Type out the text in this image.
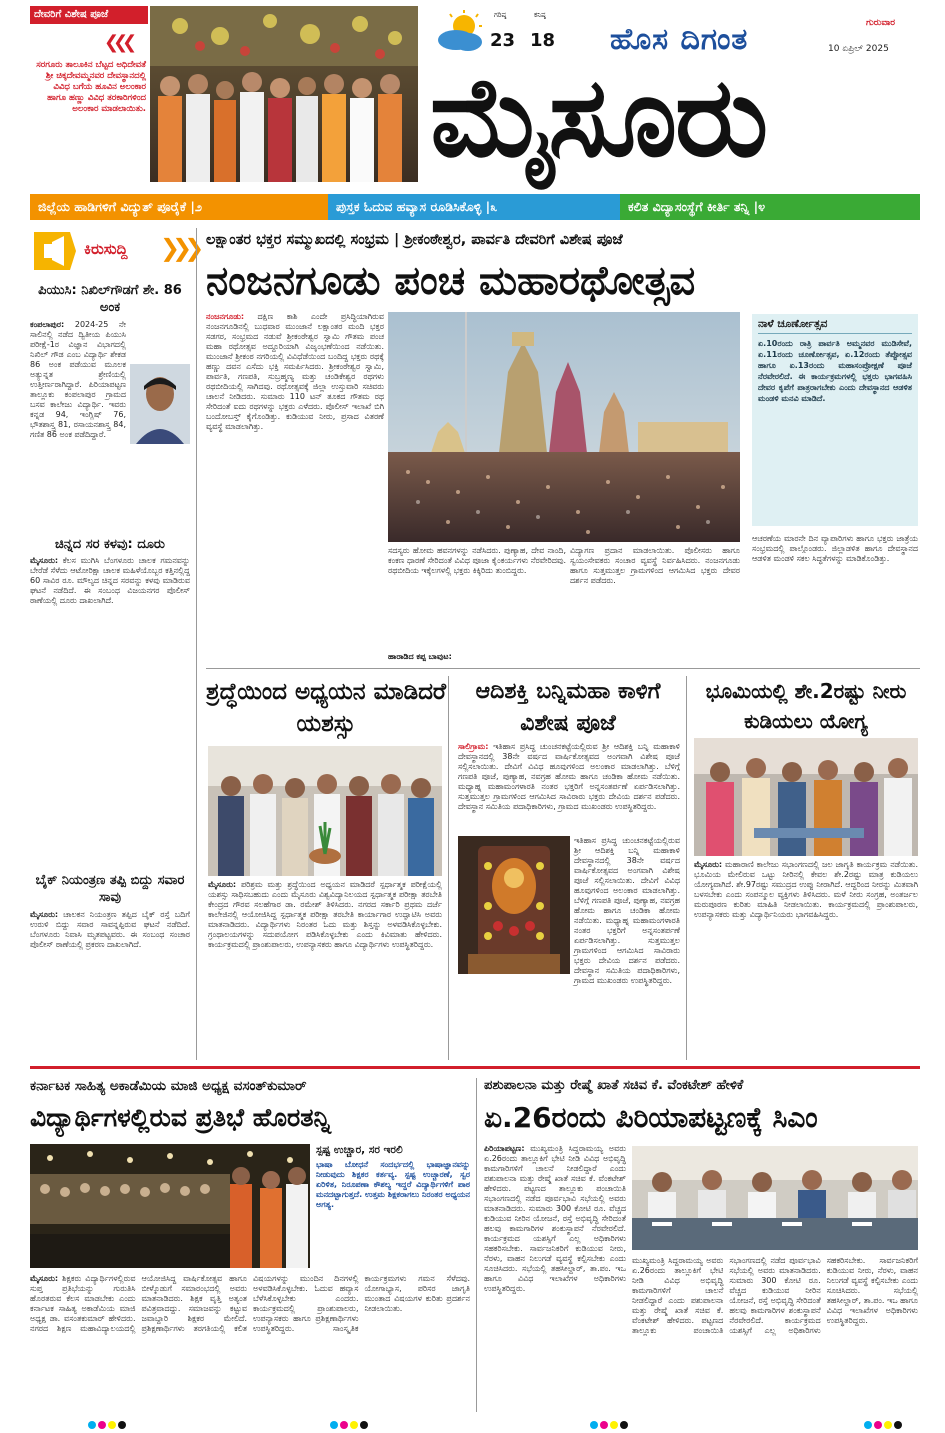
ದೇವರಿಗೆ ವಿಶೇಷ ಪೂಜೆ
❮❮❮
ಸರಗೂರು ತಾಲೂಕಿನ ಬೆಟ್ಟದ ಅಧಿದೇವತೆ ಶ್ರೀ ಚಿಕ್ಕದೇವಮ್ಮನವರ ದೇವಸ್ಥಾನದಲ್ಲಿ ವಿವಿಧ ಬಗೆಯ ಹೂವಿನ ಅಲಂಕಾರ ಹಾಗೂ ಹಣ್ಣು ವಿವಿಧ ತರಕಾರಿಗಳಿಂದ ಅಲಂಕಾರ ಮಾಡಲಾಯಿತು.
ಗರಿಷ್ಠ
23
ಕನಿಷ್ಠ
18 ಹೊಸ ದಿಗಂತ	ಗುರುವಾರ
10 ಏಪ್ರಿಲ್ 2025
ಮೈಸೂರು
ಜಿಲ್ಲೆಯ ಹಾಡಿಗಳಿಗೆ ವಿದ್ಯುತ್ ಪೂರೈಕೆ |೨	ಪುಸ್ತಕ ಓದುವ ಹವ್ಯಾಸ ರೂಡಿಸಿಕೊಳ್ಳಿ |೩	ಕಲಿತ ವಿದ್ಯಾಸಂಸ್ಥೆಗೆ ಕೀರ್ತಿ ತನ್ನಿ |೪
ಕಿರುಸುದ್ದಿ ❯❯❯
ಪಿಯುಸಿ: ನಿಖಿಲ್‌ಗೌಡಗೆ ಶೇ. 86 ಅಂಕ
ಕಂಪಲಾಪುರ: 2024-25 ನೇ ಸಾಲಿನಲ್ಲಿ ನಡೆದ ದ್ವಿತೀಯ ಪಿಯುಸಿ ಪರೀಕ್ಷೆ-1ರ ವಿಜ್ಞಾನ ವಿಭಾಗದಲ್ಲಿ ನಿಖಿಲ್ ಗೌಡ ಎಂಬ ವಿದ್ಯಾರ್ಥಿ ಶೇಕಡ 86 ಅಂಕ ಪಡೆಯುವ ಮೂಲಕ ಅತ್ಯುನ್ನತ ಶ್ರೇಣಿಯಲ್ಲಿ ಉತ್ತೀರ್ಣರಾಗಿದ್ದಾರೆ. ಪಿರಿಯಾಪಟ್ಟಣ ತಾಲ್ಲೂಕು ಕಂಪಲಾಪುರ ಗ್ರಾಮದ ಬಸವ ಕಾಲೇಜು ವಿದ್ಯಾರ್ಥಿ. ಇವರು ಕನ್ನಡ 94, ಇಂಗ್ಲಿಷ್ 76, ಭೌತಶಾಸ್ತ್ರ 81, ರಸಾಯನಶಾಸ್ತ್ರ 84, ಗಣಿತ 86 ಅಂಕ ಪಡೆದಿದ್ದಾರೆ.
ಚಿನ್ನದ ಸರ ಕಳವು: ದೂರು
ಮೈಸೂರು: ಕೆಲಸ ಮುಗಿಸಿ ಬೆಂಗಳೂರು ಚಾಲಕ ಗಮನವನ್ನು ಬೇರೆಡೆ ಸೆಳೆದು ಆಟೋರಿಕ್ಷಾ ಚಾಲಕ ಮಹಿಳೆಯೊಬ್ಬರ ಕತ್ತಿನಲ್ಲಿದ್ದ 60 ಸಾವಿರ ರೂ. ಮೌಲ್ಯದ ಚಿನ್ನದ ಸರವನ್ನು ಕಳವು ಮಾಡಿರುವ ಘಟನೆ ನಡೆದಿದೆ. ಈ ಸಂಬಂಧ ವಿಜಯನಗರ ಪೊಲೀಸ್ ಠಾಣೆಯಲ್ಲಿ ದೂರು ದಾಖಲಾಗಿದೆ.
ಬೈಕ್ ನಿಯಂತ್ರಣ ತಪ್ಪಿ ಬಿದ್ದು ಸವಾರ ಸಾವು
ಮೈಸೂರು: ಚಾಲಕನ ನಿಯಂತ್ರಣ ತಪ್ಪಿದ ಬೈಕ್ ರಸ್ತೆ ಬದಿಗೆ ಉರುಳಿ ಬಿದ್ದು ಸವಾರ ಸಾವನ್ನಪ್ಪಿರುವ ಘಟನೆ ನಡೆದಿದೆ. ಬೆಂಗಳೂರು ನಿವಾಸಿ ಮೃತಪಟ್ಟವರು. ಈ ಸಂಬಂಧ ಸಂಚಾರ ಪೊಲೀಸ್ ಠಾಣೆಯಲ್ಲಿ ಪ್ರಕರಣ ದಾಖಲಾಗಿದೆ.
ಲಕ್ಷಾಂತರ ಭಕ್ತರ ಸಮ್ಮುಖದಲ್ಲಿ ಸಂಭ್ರಮ | ಶ್ರೀಕಂಠೇಶ್ವರ, ಪಾರ್ವತಿ ದೇವರಿಗೆ ವಿಶೇಷ ಪೂಜೆ
ನಂಜನಗೂಡು ಪಂಚ ಮಹಾರಥೋತ್ಸವ
ನಂಜನಗೂಡು: ದಕ್ಷಿಣ ಕಾಶಿ ಎಂದೇ ಪ್ರಸಿದ್ಧಿಯಾಗಿರುವ ನಂಜನಗೂಡಿನಲ್ಲಿ ಬುಧವಾರ ಮುಂಜಾನೆ ಲಕ್ಷಾಂತರ ಮಂದಿ ಭಕ್ತರ ಸಡಗರ, ಸಂಭ್ರಮದ ನಡುವೆ ಶ್ರೀಕಂಠೇಶ್ವರ ಸ್ವಾಮಿ ಗೌತಮ ಪಂಚ ಮಹಾ ರಥೋತ್ಸವ ಅದ್ದೂರಿಯಾಗಿ ವಿಜೃಂಭಣೆಯಿಂದ ನಡೆಯಿತು. ಮುಂಜಾನೆ ಶ್ರೀಕಂಠ ನಗರಿಯಲ್ಲಿ ವಿವಿಧೆಡೆಯಿಂದ ಬಂದಿದ್ದ ಭಕ್ತರು ರಥಕ್ಕೆ ಹಣ್ಣು ದವನ ಎಸೆದು ಭಕ್ತಿ ಸಮರ್ಪಿಸಿದರು. ಶ್ರೀಕಂಠೇಶ್ವರ ಸ್ವಾಮಿ, ಪಾರ್ವತಿ, ಗಣಪತಿ, ಸುಬ್ರಹ್ಮಣ್ಯ ಮತ್ತು ಚಂಡಿಕೇಶ್ವರ ರಥಗಳು ರಥಬೀದಿಯಲ್ಲಿ ಸಾಗಿದವು. ರಥೋತ್ಸವಕ್ಕೆ ಜಿಲ್ಲಾ ಉಸ್ತುವಾರಿ ಸಚಿವರು ಚಾಲನೆ ನೀಡಿದರು. ಸುಮಾರು 110 ಟನ್ ತೂಕದ ಗೌತಮ ರಥ ಸೇರಿದಂತೆ ಐದು ರಥಗಳನ್ನು ಭಕ್ತರು ಎಳೆದರು. ಪೊಲೀಸ್ ಇಲಾಖೆ ಬಿಗಿ ಬಂದೋಬಸ್ತ್ ಕೈಗೊಂಡಿತ್ತು. ಕುಡಿಯುವ ನೀರು, ಪ್ರಸಾದ ವಿತರಣೆ ವ್ಯವಸ್ಥೆ ಮಾಡಲಾಗಿತ್ತು.
ನಾಳೆ ಚೂರ್ಣೋತ್ಸವ
ಏ.10ರಂದು ರಾತ್ರಿ ಪಾರ್ವತಿ ಅಮ್ಮನವರ ಮುಡಿಸೇವೆ, ಏ.11ರಂದು ಚೂರ್ಣೋತ್ಸವ, ಏ.12ರಂದು ತೆಪ್ಪೋತ್ಸವ ಹಾಗೂ ಏ.13ರಂದು ಮಹಾಸಂಪ್ರೋಕ್ಷಣೆ ಪೂಜೆ ನೆರವೇರಲಿದೆ. ಈ ಕಾರ್ಯಕ್ರಮಗಳಲ್ಲಿ ಭಕ್ತರು ಭಾಗವಹಿಸಿ ದೇವರ ಕೃಪೆಗೆ ಪಾತ್ರರಾಗಬೇಕು ಎಂದು ದೇವಸ್ಥಾನದ ಆಡಳಿತ ಮಂಡಳಿ ಮನವಿ ಮಾಡಿದೆ.
ಸದಸ್ಯರು ಹೋಮ ಹವನಗಳನ್ನು ನಡೆಸಿದರು. ಪುಣ್ಯಾಹ, ದೇವ ನಾಂದಿ, ಕಂಕಣ ಧಾರಣೆ ಸೇರಿದಂತೆ ವಿವಿಧ ಪೂಜಾ ಕೈಂಕರ್ಯಗಳು ನೆರವೇರಿದವು. ರಥಬೀದಿಯ ಇಕ್ಕೆಲಗಳಲ್ಲಿ ಭಕ್ತರು ಕಿಕ್ಕಿರಿದು ತುಂಬಿದ್ದರು.
ವಿದ್ಯಾಗಣ ಪ್ರದಾನ ಮಾಡಲಾಯಿತು. ಪೊಲೀಸರು ಹಾಗೂ ಸ್ವಯಂಸೇವಕರು ಸಂಚಾರ ವ್ಯವಸ್ಥೆ ನಿರ್ವಹಿಸಿದರು. ನಂಜನಗೂಡು ಹಾಗೂ ಸುತ್ತಮುತ್ತಲ ಗ್ರಾಮಗಳಿಂದ ಆಗಮಿಸಿದ ಭಕ್ತರು ದೇವರ ದರ್ಶನ ಪಡೆದರು.
ಆಚರಣೆಯ ಮಾರನೇ ದಿನ ವ್ಯಾಪಾರಿಗಳು ಹಾಗೂ ಭಕ್ತರು ಜಾತ್ರೆಯ ಸಂಭ್ರಮದಲ್ಲಿ ಪಾಲ್ಗೊಂಡರು. ಜಿಲ್ಲಾಡಳಿತ ಹಾಗೂ ದೇವಸ್ಥಾನದ ಆಡಳಿತ ಮಂಡಳಿ ಸಕಲ ಸಿದ್ಧತೆಗಳನ್ನು ಮಾಡಿಕೊಂಡಿತ್ತು.
ಹಾರಾಡಿದ ಕಪ್ಪ ಬಾವುಟ:
ಶ್ರದ್ಧೆಯಿಂದ ಅಧ್ಯಯನ ಮಾಡಿದರೆ ಯಶಸ್ಸು
ಮೈಸೂರು: ಪರಿಶ್ರಮ ಮತ್ತು ಶ್ರದ್ಧೆಯಿಂದ ಅಧ್ಯಯನ ಮಾಡಿದರೆ ಸ್ಪರ್ಧಾತ್ಮಕ ಪರೀಕ್ಷೆಯಲ್ಲಿ ಯಶಸ್ಸು ಸಾಧಿಸಬಹುದು ಎಂದು ಮೈಸೂರು ವಿಶ್ವವಿದ್ಯಾನಿಲಯದ ಸ್ಪರ್ಧಾತ್ಮಕ ಪರೀಕ್ಷಾ ತರಬೇತಿ ಕೇಂದ್ರದ ಗೌರವ ಸಲಹೆಗಾರ ಡಾ. ರಮೇಶ್ ತಿಳಿಸಿದರು. ನಗರದ ಸರ್ಕಾರಿ ಪ್ರಥಮ ದರ್ಜೆ ಕಾಲೇಜಿನಲ್ಲಿ ಆಯೋಜಿಸಿದ್ದ ಸ್ಪರ್ಧಾತ್ಮಕ ಪರೀಕ್ಷಾ ತರಬೇತಿ ಕಾರ್ಯಾಗಾರ ಉದ್ಘಾಟಿಸಿ ಅವರು ಮಾತನಾಡಿದರು. ವಿದ್ಯಾರ್ಥಿಗಳು ನಿರಂತರ ಓದು ಮತ್ತು ಶಿಸ್ತನ್ನು ಅಳವಡಿಸಿಕೊಳ್ಳಬೇಕು. ಗ್ರಂಥಾಲಯಗಳನ್ನು ಸದುಪಯೋಗ ಪಡಿಸಿಕೊಳ್ಳಬೇಕು ಎಂದು ಕಿವಿಮಾತು ಹೇಳಿದರು. ಕಾರ್ಯಕ್ರಮದಲ್ಲಿ ಪ್ರಾಂಶುಪಾಲರು, ಉಪನ್ಯಾಸಕರು ಹಾಗೂ ವಿದ್ಯಾರ್ಥಿಗಳು ಉಪಸ್ಥಿತರಿದ್ದರು.
ಆದಿಶಕ್ತಿ ಬನ್ನಿಮಹಾ ಕಾಳಿಗೆ ವಿಶೇಷ ಪೂಜೆ
ಸಾಲಿಗ್ರಾಮ: ಇತಿಹಾಸ ಪ್ರಸಿದ್ಧ ಚುಂಚನಕಟ್ಟೆಯಲ್ಲಿರುವ ಶ್ರೀ ಆದಿಶಕ್ತಿ ಬನ್ನಿ ಮಹಾಕಾಳಿ ದೇವಸ್ಥಾನದಲ್ಲಿ 38ನೇ ವರ್ಷದ ವಾರ್ಷಿಕೋತ್ಸವದ ಅಂಗವಾಗಿ ವಿಶೇಷ ಪೂಜೆ ಸಲ್ಲಿಸಲಾಯಿತು. ದೇವಿಗೆ ವಿವಿಧ ಹೂವುಗಳಿಂದ ಅಲಂಕಾರ ಮಾಡಲಾಗಿತ್ತು. ಬೆಳಿಗ್ಗೆ ಗಣಪತಿ ಪೂಜೆ, ಪುಣ್ಯಾಹ, ನವಗ್ರಹ ಹೋಮ ಹಾಗೂ ಚಂಡಿಕಾ ಹೋಮ ನಡೆಯಿತು. ಮಧ್ಯಾಹ್ನ ಮಹಾಮಂಗಳಾರತಿ ನಂತರ ಭಕ್ತರಿಗೆ ಅನ್ನಸಂತರ್ಪಣೆ ಏರ್ಪಡಿಸಲಾಗಿತ್ತು. ಸುತ್ತಮುತ್ತಲ ಗ್ರಾಮಗಳಿಂದ ಆಗಮಿಸಿದ ಸಾವಿರಾರು ಭಕ್ತರು ದೇವಿಯ ದರ್ಶನ ಪಡೆದರು. ದೇವಸ್ಥಾನ ಸಮಿತಿಯ ಪದಾಧಿಕಾರಿಗಳು, ಗ್ರಾಮದ ಮುಖಂಡರು ಉಪಸ್ಥಿತರಿದ್ದರು.
ಇತಿಹಾಸ ಪ್ರಸಿದ್ಧ ಚುಂಚನಕಟ್ಟೆಯಲ್ಲಿರುವ ಶ್ರೀ ಆದಿಶಕ್ತಿ ಬನ್ನಿ ಮಹಾಕಾಳಿ ದೇವಸ್ಥಾನದಲ್ಲಿ 38ನೇ ವರ್ಷದ ವಾರ್ಷಿಕೋತ್ಸವದ ಅಂಗವಾಗಿ ವಿಶೇಷ ಪೂಜೆ ಸಲ್ಲಿಸಲಾಯಿತು. ದೇವಿಗೆ ವಿವಿಧ ಹೂವುಗಳಿಂದ ಅಲಂಕಾರ ಮಾಡಲಾಗಿತ್ತು. ಬೆಳಿಗ್ಗೆ ಗಣಪತಿ ಪೂಜೆ, ಪುಣ್ಯಾಹ, ನವಗ್ರಹ ಹೋಮ ಹಾಗೂ ಚಂಡಿಕಾ ಹೋಮ ನಡೆಯಿತು. ಮಧ್ಯಾಹ್ನ ಮಹಾಮಂಗಳಾರತಿ ನಂತರ ಭಕ್ತರಿಗೆ ಅನ್ನಸಂತರ್ಪಣೆ ಏರ್ಪಡಿಸಲಾಗಿತ್ತು. ಸುತ್ತಮುತ್ತಲ ಗ್ರಾಮಗಳಿಂದ ಆಗಮಿಸಿದ ಸಾವಿರಾರು ಭಕ್ತರು ದೇವಿಯ ದರ್ಶನ ಪಡೆದರು. ದೇವಸ್ಥಾನ ಸಮಿತಿಯ ಪದಾಧಿಕಾರಿಗಳು, ಗ್ರಾಮದ ಮುಖಂಡರು ಉಪಸ್ಥಿತರಿದ್ದರು.
ಭೂಮಿಯಲ್ಲಿ ಶೇ.2ರಷ್ಟು ನೀರು ಕುಡಿಯಲು ಯೋಗ್ಯ
ಮೈಸೂರು: ಮಹಾರಾಣಿ ಕಾಲೇಜು ಸಭಾಂಗಣದಲ್ಲಿ ಜಲ ಜಾಗೃತಿ ಕಾರ್ಯಕ್ರಮ ನಡೆಯಿತು. ಭೂಮಿಯ ಮೇಲಿರುವ ಒಟ್ಟು ನೀರಿನಲ್ಲಿ ಕೇವಲ ಶೇ.2ರಷ್ಟು ಮಾತ್ರ ಕುಡಿಯಲು ಯೋಗ್ಯವಾಗಿದೆ. ಶೇ.97ರಷ್ಟು ಸಮುದ್ರದ ಉಪ್ಪು ನೀರಾಗಿದೆ. ಆದ್ದರಿಂದ ನೀರನ್ನು ಮಿತವಾಗಿ ಬಳಸಬೇಕು ಎಂದು ಸಂಪನ್ಮೂಲ ವ್ಯಕ್ತಿಗಳು ತಿಳಿಸಿದರು. ಮಳೆ ನೀರು ಸಂಗ್ರಹ, ಅಂತರ್ಜಲ ಮರುಪೂರಣ ಕುರಿತು ಮಾಹಿತಿ ನೀಡಲಾಯಿತು. ಕಾರ್ಯಕ್ರಮದಲ್ಲಿ ಪ್ರಾಂಶುಪಾಲರು, ಉಪನ್ಯಾಸಕರು ಮತ್ತು ವಿದ್ಯಾರ್ಥಿನಿಯರು ಭಾಗವಹಿಸಿದ್ದರು.
ಕರ್ನಾಟಕ ಸಾಹಿತ್ಯ ಅಕಾಡೆಮಿಯ ಮಾಜಿ ಅಧ್ಯಕ್ಷ ವಸಂತ್‌ಕುಮಾರ್
ವಿದ್ಯಾರ್ಥಿಗಳಲ್ಲಿರುವ ಪ್ರತಿಭೆ ಹೊರತನ್ನಿ
ಸ್ಪಷ್ಟ ಉಚ್ಚಾರ, ಸರ ಇರಲಿ
ಭಾಷಾ ಬೋಧನೆ ಸಂದರ್ಭದಲ್ಲಿ ಭಾಷಾಜ್ಞಾನವನ್ನು ನೀಡುವುದು ಶಿಕ್ಷಕರ ಕರ್ತವ್ಯ. ಸ್ಪಷ್ಟ ಉಚ್ಚಾರಣೆ, ಸ್ವರ ಏರಿಳಿತ, ನಿರೂಪಣಾ ಕೌಶಲ್ಯ ಇದ್ದರೆ ವಿದ್ಯಾರ್ಥಿಗಳಿಗೆ ಪಾಠ ಮನದಟ್ಟಾಗುತ್ತದೆ. ಉತ್ತಮ ಶಿಕ್ಷಕರಾಗಲು ನಿರಂತರ ಅಧ್ಯಯನ ಅಗತ್ಯ.
ಮೈಸೂರು: ಶಿಕ್ಷಕರು ವಿದ್ಯಾರ್ಥಿಗಳಲ್ಲಿರುವ ಸುಪ್ತ ಪ್ರತಿಭೆಯನ್ನು ಗುರುತಿಸಿ ಹೊರತರುವ ಕೆಲಸ ಮಾಡಬೇಕು ಎಂದು ಕರ್ನಾಟಕ ಸಾಹಿತ್ಯ ಅಕಾಡೆಮಿಯ ಮಾಜಿ ಅಧ್ಯಕ್ಷ ಡಾ. ವಸಂತಕುಮಾರ್ ಹೇಳಿದರು. ನಗರದ ಶಿಕ್ಷಣ ಮಹಾವಿದ್ಯಾಲಯದಲ್ಲಿ ಆಯೋಜಿಸಿದ್ದ ವಾರ್ಷಿಕೋತ್ಸವ ಹಾಗೂ ಬೀಳ್ಕೊಡುಗೆ ಸಮಾರಂಭದಲ್ಲಿ ಅವರು ಮಾತನಾಡಿದರು. ಶಿಕ್ಷಕ ವೃತ್ತಿ ಅತ್ಯಂತ ಪವಿತ್ರವಾದದ್ದು. ಸಮಾಜವನ್ನು ಕಟ್ಟುವ ಜವಾಬ್ದಾರಿ ಶಿಕ್ಷಕರ ಮೇಲಿದೆ. ಪ್ರಶಿಕ್ಷಣಾರ್ಥಿಗಳು ತರಗತಿಯಲ್ಲಿ ಕಲಿತ ವಿಷಯಗಳನ್ನು ಮುಂದಿನ ದಿನಗಳಲ್ಲಿ ಅಳವಡಿಸಿಕೊಳ್ಳಬೇಕು. ಓದುವ ಹವ್ಯಾಸ ಬೆಳೆಸಿಕೊಳ್ಳಬೇಕು ಎಂದರು. ಕಾರ್ಯಕ್ರಮದಲ್ಲಿ ಪ್ರಾಂಶುಪಾಲರು, ಉಪನ್ಯಾಸಕರು ಹಾಗೂ ಪ್ರಶಿಕ್ಷಣಾರ್ಥಿಗಳು ಉಪಸ್ಥಿತರಿದ್ದರು. ಸಾಂಸ್ಕೃತಿಕ ಕಾರ್ಯಕ್ರಮಗಳು ಗಮನ ಸೆಳೆದವು. ಯೋಗಾಭ್ಯಾಸ, ಪರಿಸರ ಜಾಗೃತಿ ಮುಂತಾದ ವಿಷಯಗಳ ಕುರಿತು ಪ್ರದರ್ಶನ ನೀಡಲಾಯಿತು.
ಪಶುಪಾಲನಾ ಮತ್ತು ರೇಷ್ಮೆ ಖಾತೆ ಸಚಿವ ಕೆ. ವೆಂಕಟೇಶ್ ಹೇಳಿಕೆ
ಏ.26ರಂದು ಪಿರಿಯಾಪಟ್ಟಣಕ್ಕೆ ಸಿಎಂ
ಪಿರಿಯಾಪಟ್ಟಣ: ಮುಖ್ಯಮಂತ್ರಿ ಸಿದ್ದರಾಮಯ್ಯ ಅವರು ಏ.26ರಂದು ತಾಲ್ಲೂಕಿಗೆ ಭೇಟಿ ನೀಡಿ ವಿವಿಧ ಅಭಿವೃದ್ಧಿ ಕಾಮಗಾರಿಗಳಿಗೆ ಚಾಲನೆ ನೀಡಲಿದ್ದಾರೆ ಎಂದು ಪಶುಪಾಲನಾ ಮತ್ತು ರೇಷ್ಮೆ ಖಾತೆ ಸಚಿವ ಕೆ. ವೆಂಕಟೇಶ್ ಹೇಳಿದರು. ಪಟ್ಟಣದ ತಾಲ್ಲೂಕು ಪಂಚಾಯಿತಿ ಸಭಾಂಗಣದಲ್ಲಿ ನಡೆದ ಪೂರ್ವಭಾವಿ ಸಭೆಯಲ್ಲಿ ಅವರು ಮಾತನಾಡಿದರು. ಸುಮಾರು 300 ಕೋಟಿ ರೂ. ವೆಚ್ಚದ ಕುಡಿಯುವ ನೀರಿನ ಯೋಜನೆ, ರಸ್ತೆ ಅಭಿವೃದ್ಧಿ ಸೇರಿದಂತೆ ಹಲವು ಕಾಮಗಾರಿಗಳ ಶಂಕುಸ್ಥಾಪನೆ ನೆರವೇರಲಿದೆ. ಕಾರ್ಯಕ್ರಮದ ಯಶಸ್ಸಿಗೆ ಎಲ್ಲ ಅಧಿಕಾರಿಗಳು ಸಹಕರಿಸಬೇಕು. ಸಾರ್ವಜನಿಕರಿಗೆ ಕುಡಿಯುವ ನೀರು, ನೆರಳು, ವಾಹನ ನಿಲುಗಡೆ ವ್ಯವಸ್ಥೆ ಕಲ್ಪಿಸಬೇಕು ಎಂದು ಸೂಚಿಸಿದರು. ಸಭೆಯಲ್ಲಿ ತಹಸೀಲ್ದಾರ್, ತಾ.ಪಂ. ಇಒ ಹಾಗೂ ವಿವಿಧ ಇಲಾಖೆಗಳ ಅಧಿಕಾರಿಗಳು ಉಪಸ್ಥಿತರಿದ್ದರು.
ಮುಖ್ಯಮಂತ್ರಿ ಸಿದ್ದರಾಮಯ್ಯ ಅವರು ಏ.26ರಂದು ತಾಲ್ಲೂಕಿಗೆ ಭೇಟಿ ನೀಡಿ ವಿವಿಧ ಅಭಿವೃದ್ಧಿ ಕಾಮಗಾರಿಗಳಿಗೆ ಚಾಲನೆ ನೀಡಲಿದ್ದಾರೆ ಎಂದು ಪಶುಪಾಲನಾ ಮತ್ತು ರೇಷ್ಮೆ ಖಾತೆ ಸಚಿವ ಕೆ. ವೆಂಕಟೇಶ್ ಹೇಳಿದರು. ಪಟ್ಟಣದ ತಾಲ್ಲೂಕು ಪಂಚಾಯಿತಿ ಸಭಾಂಗಣದಲ್ಲಿ ನಡೆದ ಪೂರ್ವಭಾವಿ ಸಭೆಯಲ್ಲಿ ಅವರು ಮಾತನಾಡಿದರು. ಸುಮಾರು 300 ಕೋಟಿ ರೂ. ವೆಚ್ಚದ ಕುಡಿಯುವ ನೀರಿನ ಯೋಜನೆ, ರಸ್ತೆ ಅಭಿವೃದ್ಧಿ ಸೇರಿದಂತೆ ಹಲವು ಕಾಮಗಾರಿಗಳ ಶಂಕುಸ್ಥಾಪನೆ ನೆರವೇರಲಿದೆ. ಕಾರ್ಯಕ್ರಮದ ಯಶಸ್ಸಿಗೆ ಎಲ್ಲ ಅಧಿಕಾರಿಗಳು ಸಹಕರಿಸಬೇಕು. ಸಾರ್ವಜನಿಕರಿಗೆ ಕುಡಿಯುವ ನೀರು, ನೆರಳು, ವಾಹನ ನಿಲುಗಡೆ ವ್ಯವಸ್ಥೆ ಕಲ್ಪಿಸಬೇಕು ಎಂದು ಸೂಚಿಸಿದರು. ಸಭೆಯಲ್ಲಿ ತಹಸೀಲ್ದಾರ್, ತಾ.ಪಂ. ಇಒ ಹಾಗೂ ವಿವಿಧ ಇಲಾಖೆಗಳ ಅಧಿಕಾರಿಗಳು ಉಪಸ್ಥಿತರಿದ್ದರು.
